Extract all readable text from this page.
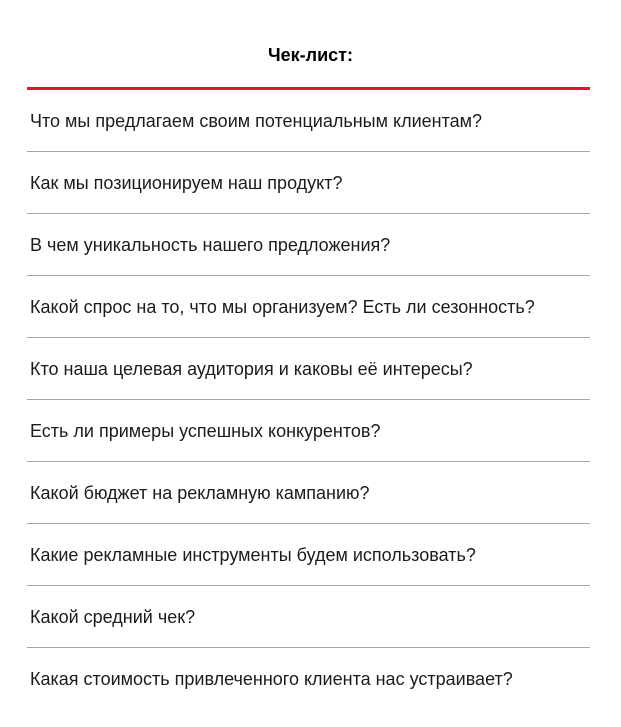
Чек-лист:
Что мы предлагаем своим потенциальным клиентам?
Как мы позиционируем наш продукт?
В чем уникальность нашего предложения?
Какой спрос на то, что мы организуем? Есть ли сезонность?
Кто наша целевая аудитория и каковы её интересы?
Есть ли примеры успешных конкурентов?
Какой бюджет на рекламную кампанию?
Какие рекламные инструменты будем использовать?
Какой средний чек?
Какая стоимость привлеченного клиента нас устраивает?
